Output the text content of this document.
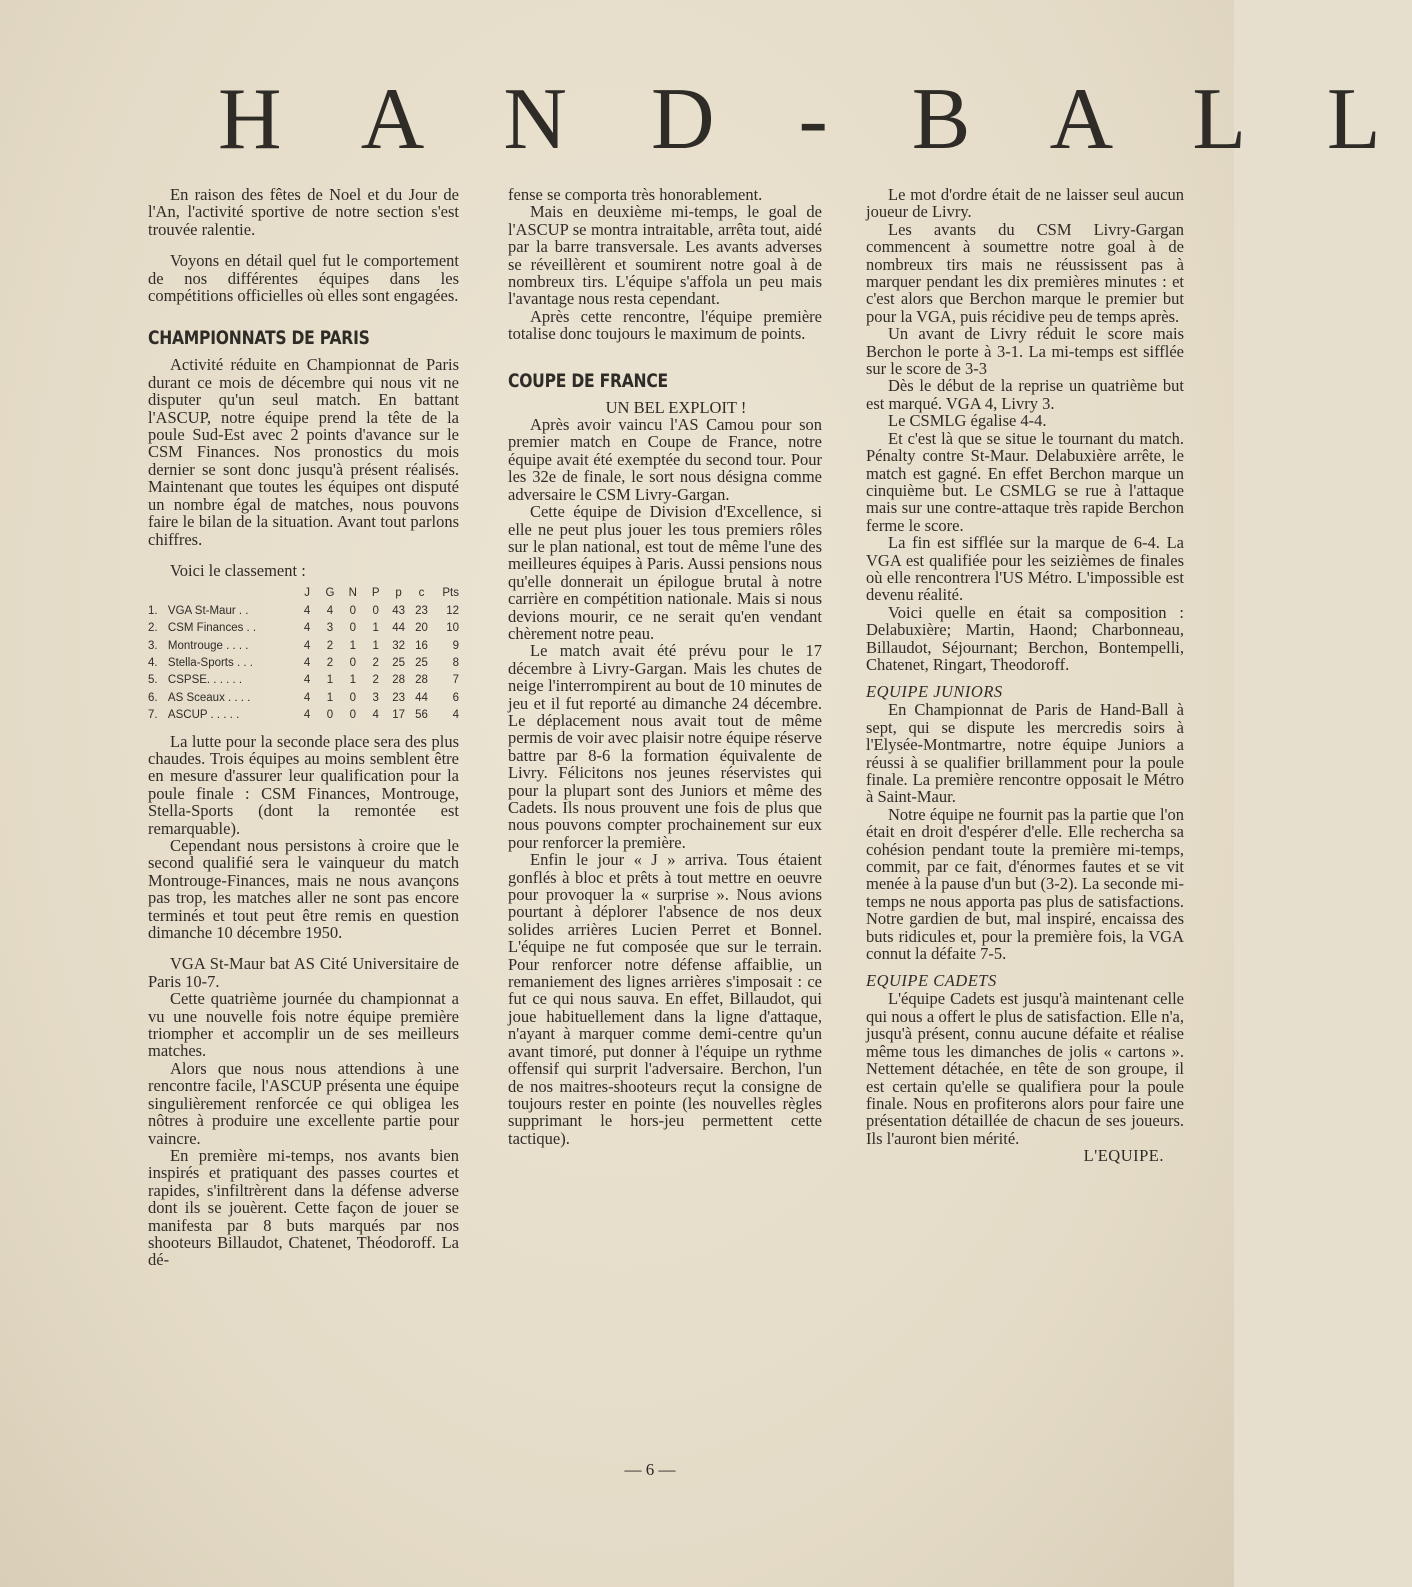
H A N D - B A L L

En raison des fêtes de Noel et du Jour de l'An, l'activité sportive de notre section s'est trouvée ralentie.

Voyons en détail quel fut le comportement de nos différentes équipes dans les compétitions officielles où elles sont engagées.

CHAMPIONNATS DE PARIS

Activité réduite en Championnat de Paris durant ce mois de décembre qui nous vit ne disputer qu'un seul match. En battant l'ASCUP, notre équipe prend la tête de la poule Sud-Est avec 2 points d'avance sur le CSM Finances. Nos pronostics du mois dernier se sont donc jusqu'à présent réalisés. Maintenant que toutes les équipes ont disputé un nombre égal de matches, nous pouvons faire le bilan de la situation. Avant tout parlons chiffres.

Voici le classement :

		J	G	N	P	p	c	Pts
1.	VGA St-Maur . .	4	4	0	0	43	23	12
2.	CSM Finances . .	4	3	0	1	44	20	10
3.	Montrouge . . . .	4	2	1	1	32	16	9
4.	Stella-Sports . . .	4	2	0	2	25	25	8
5.	CSPSE. . . . . .	4	1	1	2	28	28	7
6.	AS Sceaux . . . .	4	1	0	3	23	44	6
7.	ASCUP . . . . .	4	0	0	4	17	56	4

La lutte pour la seconde place sera des plus chaudes. Trois équipes au moins semblent être en mesure d'assurer leur qualification pour la poule finale : CSM Finances, Montrouge, Stella-Sports (dont la remontée est remarquable).

Cependant nous persistons à croire que le second qualifié sera le vainqueur du match Montrouge-Finances, mais ne nous avançons pas trop, les matches aller ne sont pas encore terminés et tout peut être remis en question dimanche 10 décembre 1950.

VGA St-Maur bat AS Cité Universitaire de Paris 10-7.

Cette quatrième journée du championnat a vu une nouvelle fois notre équipe première triompher et accomplir un de ses meilleurs matches.

Alors que nous nous attendions à une rencontre facile, l'ASCUP présenta une équipe singulièrement renforcée ce qui obligea les nôtres à produire une excellente partie pour vaincre.

En première mi-temps, nos avants bien inspirés et pratiquant des passes courtes et rapides, s'infiltrèrent dans la défense adverse dont ils se jouèrent. Cette façon de jouer se manifesta par 8 buts marqués par nos shooteurs Billaudot, Chatenet, Théodoroff. La dé-

fense se comporta très honorablement.

Mais en deuxième mi-temps, le goal de l'ASCUP se montra intraitable, arrêta tout, aidé par la barre transversale. Les avants adverses se réveillèrent et soumirent notre goal à de nombreux tirs. L'équipe s'affola un peu mais l'avantage nous resta cependant.

Après cette rencontre, l'équipe première totalise donc toujours le maximum de points.

COUPE DE FRANCE

UN BEL EXPLOIT !

Après avoir vaincu l'AS Camou pour son premier match en Coupe de France, notre équipe avait été exemptée du second tour. Pour les 32e de finale, le sort nous désigna comme adversaire le CSM Livry-Gargan.

Cette équipe de Division d'Excellence, si elle ne peut plus jouer les tous premiers rôles sur le plan national, est tout de même l'une des meilleures équipes à Paris. Aussi pensions nous qu'elle donnerait un épilogue brutal à notre carrière en compétition nationale. Mais si nous devions mourir, ce ne serait qu'en vendant chèrement notre peau.

Le match avait été prévu pour le 17 décembre à Livry-Gargan. Mais les chutes de neige l'interrompirent au bout de 10 minutes de jeu et il fut reporté au dimanche 24 décembre. Le déplacement nous avait tout de même permis de voir avec plaisir notre équipe réserve battre par 8-6 la formation équivalente de Livry. Félicitons nos jeunes réservistes qui pour la plupart sont des Juniors et même des Cadets. Ils nous prouvent une fois de plus que nous pouvons compter prochainement sur eux pour renforcer la première.

Enfin le jour « J » arriva. Tous étaient gonflés à bloc et prêts à tout mettre en oeuvre pour provoquer la « surprise ». Nous avions pourtant à déplorer l'absence de nos deux solides arrières Lucien Perret et Bonnel. L'équipe ne fut composée que sur le terrain. Pour renforcer notre défense affaiblie, un remaniement des lignes arrières s'imposait : ce fut ce qui nous sauva. En effet, Billaudot, qui joue habituellement dans la ligne d'attaque, n'ayant à marquer comme demi-centre qu'un avant timoré, put donner à l'équipe un rythme offensif qui surprit l'adversaire. Berchon, l'un de nos maitres-shooteurs reçut la consigne de toujours rester en pointe (les nouvelles règles supprimant le hors-jeu permettent cette tactique).

Le mot d'ordre était de ne laisser seul aucun joueur de Livry.

Les avants du CSM Livry-Gargan commencent à soumettre notre goal à de nombreux tirs mais ne réussissent pas à marquer pendant les dix premières minutes : et c'est alors que Berchon marque le premier but pour la VGA, puis récidive peu de temps après.

Un avant de Livry réduit le score mais Berchon le porte à 3-1. La mi-temps est sifflée sur le score de 3-3

Dès le début de la reprise un quatrième but est marqué. VGA 4, Livry 3.

Le CSMLG égalise 4-4.

Et c'est là que se situe le tournant du match. Pénalty contre St-Maur. Delabuxière arrête, le match est gagné. En effet Berchon marque un cinquième but. Le CSMLG se rue à l'attaque mais sur une contre-attaque très rapide Berchon ferme le score.

La fin est sifflée sur la marque de 6-4. La VGA est qualifiée pour les seizièmes de finales où elle rencontrera l'US Métro. L'impossible est devenu réalité.

Voici quelle en était sa composition : Delabuxière; Martin, Haond; Charbonneau, Billaudot, Séjournant; Berchon, Bontempelli, Chatenet, Ringart, Theodoroff.

EQUIPE JUNIORS

En Championnat de Paris de Hand-Ball à sept, qui se dispute les mercredis soirs à l'Elysée-Montmartre, notre équipe Juniors a réussi à se qualifier brillamment pour la poule finale. La première rencontre opposait le Métro à Saint-Maur.

Notre équipe ne fournit pas la partie que l'on était en droit d'espérer d'elle. Elle rechercha sa cohésion pendant toute la première mi-temps, commit, par ce fait, d'énormes fautes et se vit menée à la pause d'un but (3-2). La seconde mi-temps ne nous apporta pas plus de satisfactions. Notre gardien de but, mal inspiré, encaissa des buts ridicules et, pour la première fois, la VGA connut la défaite 7-5.

EQUIPE CADETS

L'équipe Cadets est jusqu'à maintenant celle qui nous a offert le plus de satisfaction. Elle n'a, jusqu'à présent, connu aucune défaite et réalise même tous les dimanches de jolis « cartons ». Nettement détachée, en tête de son groupe, il est certain qu'elle se qualifiera pour la poule finale. Nous en profiterons alors pour faire une présentation détaillée de chacun de ses joueurs. Ils l'auront bien mérité.

L'EQUIPE.

— 6 —
